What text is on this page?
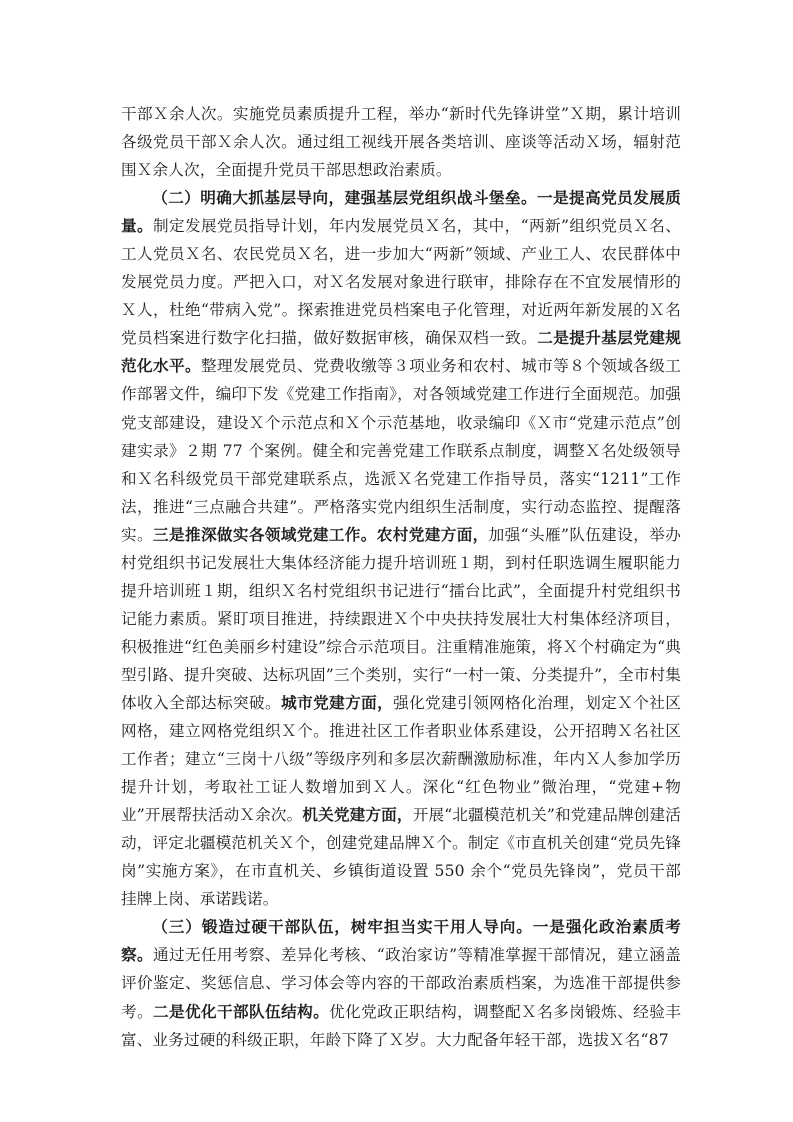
干部Ｘ余人次。实施党员素质提升工程，举办“新时代先锋讲堂”Ｘ期，累计培训各级党员干部Ｘ余人次。通过组工视线开展各类培训、座谈等活动Ｘ场，辐射范围Ｘ余人次，全面提升党员干部思想政治素质。

（二）明确大抓基层导向，建强基层党组织战斗堡垒。一是提高党员发展质量。制定发展党员指导计划，年内发展党员Ｘ名，其中，“两新”组织党员Ｘ名、工人党员Ｘ名、农民党员Ｘ名，进一步加大“两新”领域、产业工人、农民群体中发展党员力度。严把入口，对Ｘ名发展对象进行联审，排除存在不宜发展情形的Ｘ人，杜绝“带病入党”。探索推进党员档案电子化管理，对近两年新发展的Ｘ名党员档案进行数字化扫描，做好数据审核，确保双档一致。二是提升基层党建规范化水平。整理发展党员、党费收缴等３项业务和农村、城市等８个领域各级工作部署文件，编印下发《党建工作指南》，对各领域党建工作进行全面规范。加强党支部建设，建设Ｘ个示范点和Ｘ个示范基地，收录编印《Ｘ市“党建示范点”创建实录》２期 77 个案例。健全和完善党建工作联系点制度，调整Ｘ名处级领导和Ｘ名科级党员干部党建联系点，选派Ｘ名党建工作指导员，落实“1211”工作法，推进“三点融合共建”。严格落实党内组织生活制度，实行动态监控、提醒落实。三是推深做实各领域党建工作。农村党建方面，加强“头雁”队伍建设，举办村党组织书记发展壮大集体经济能力提升培训班１期，到村任职选调生履职能力提升培训班１期，组织Ｘ名村党组织书记进行“擂台比武”，全面提升村党组织书记能力素质。紧盯项目推进，持续跟进Ｘ个中央扶持发展壮大村集体经济项目，积极推进“红色美丽乡村建设”综合示范项目。注重精准施策，将Ｘ个村确定为“典型引路、提升突破、达标巩固”三个类别，实行“一村一策、分类提升”，全市村集体收入全部达标突破。城市党建方面，强化党建引领网格化治理，划定Ｘ个社区网格，建立网格党组织Ｘ个。推进社区工作者职业体系建设，公开招聘Ｘ名社区工作者；建立“三岗十八级”等级序列和多层次薪酬激励标准，年内Ｘ人参加学历提升计划，考取社工证人数增加到Ｘ人。深化“红色物业”微治理，“党建+物业”开展帮扶活动Ｘ余次。机关党建方面，开展“北疆模范机关”和党建品牌创建活动，评定北疆模范机关Ｘ个，创建党建品牌Ｘ个。制定《市直机关创建“党员先锋岗”实施方案》，在市直机关、乡镇街道设置 550 余个“党员先锋岗”，党员干部挂牌上岗、承诺践诺。

（三）锻造过硬干部队伍，树牢担当实干用人导向。一是强化政治素质考察。通过无任用考察、差异化考核、“政治家访”等精准掌握干部情况，建立涵盖评价鉴定、奖惩信息、学习体会等内容的干部政治素质档案，为选准干部提供参考。二是优化干部队伍结构。优化党政正职结构，调整配Ｘ名多岗锻炼、经验丰富、业务过硬的科级正职，年龄下降了Ｘ岁。大力配备年轻干部，选拔Ｘ名“87
